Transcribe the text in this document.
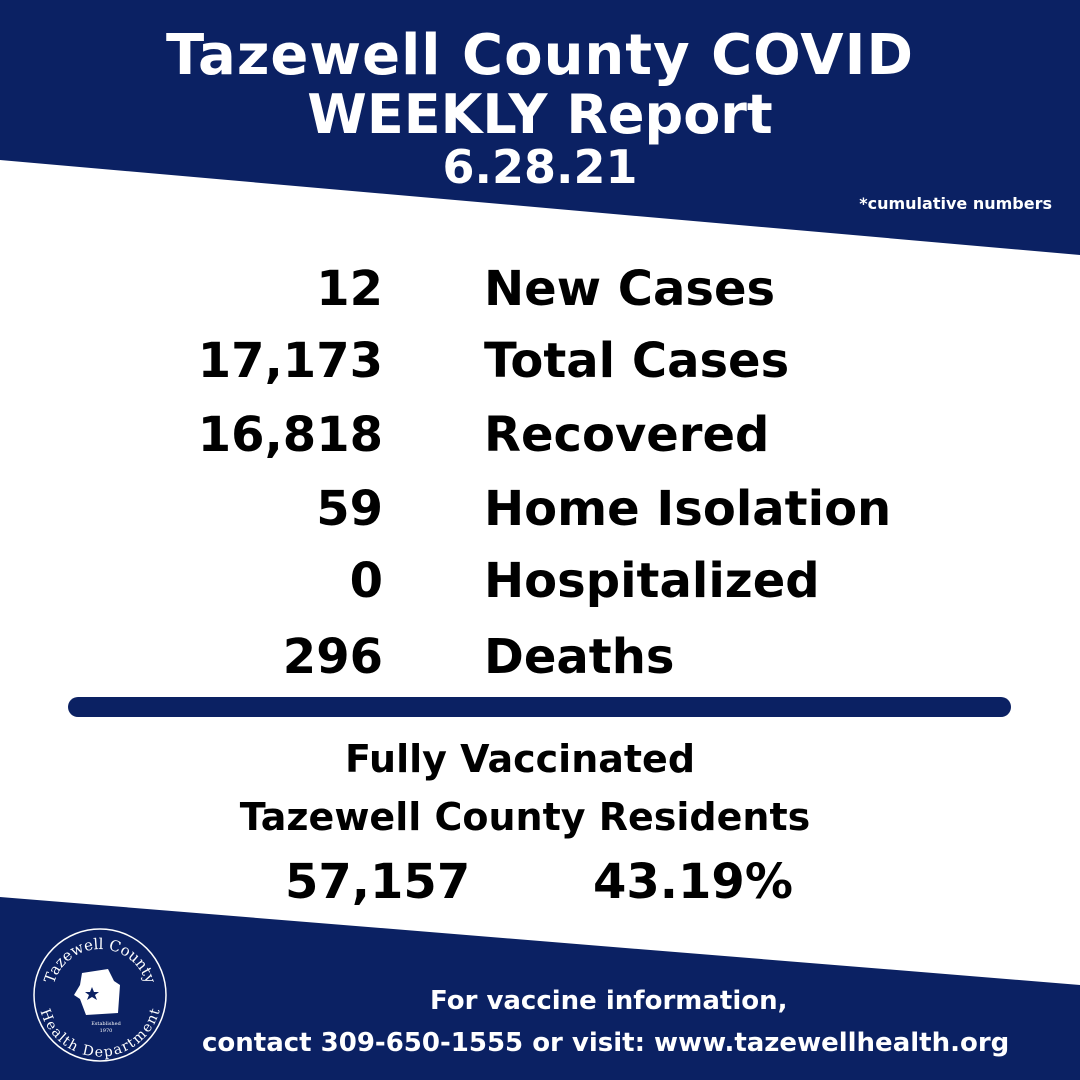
Tazewell County COVID
WEEKLY Report
6.28.21
*cumulative numbers
12 New Cases
17,173 Total Cases
16,818 Recovered
59 Home Isolation
0 Hospitalized
296 Deaths
Fully Vaccinated
Tazewell County Residents
57,157	43.19%
Tazewell County
Health Department
Established
1970
For vaccine information,
contact 309-650-1555 or visit: www.tazewellhealth.org
